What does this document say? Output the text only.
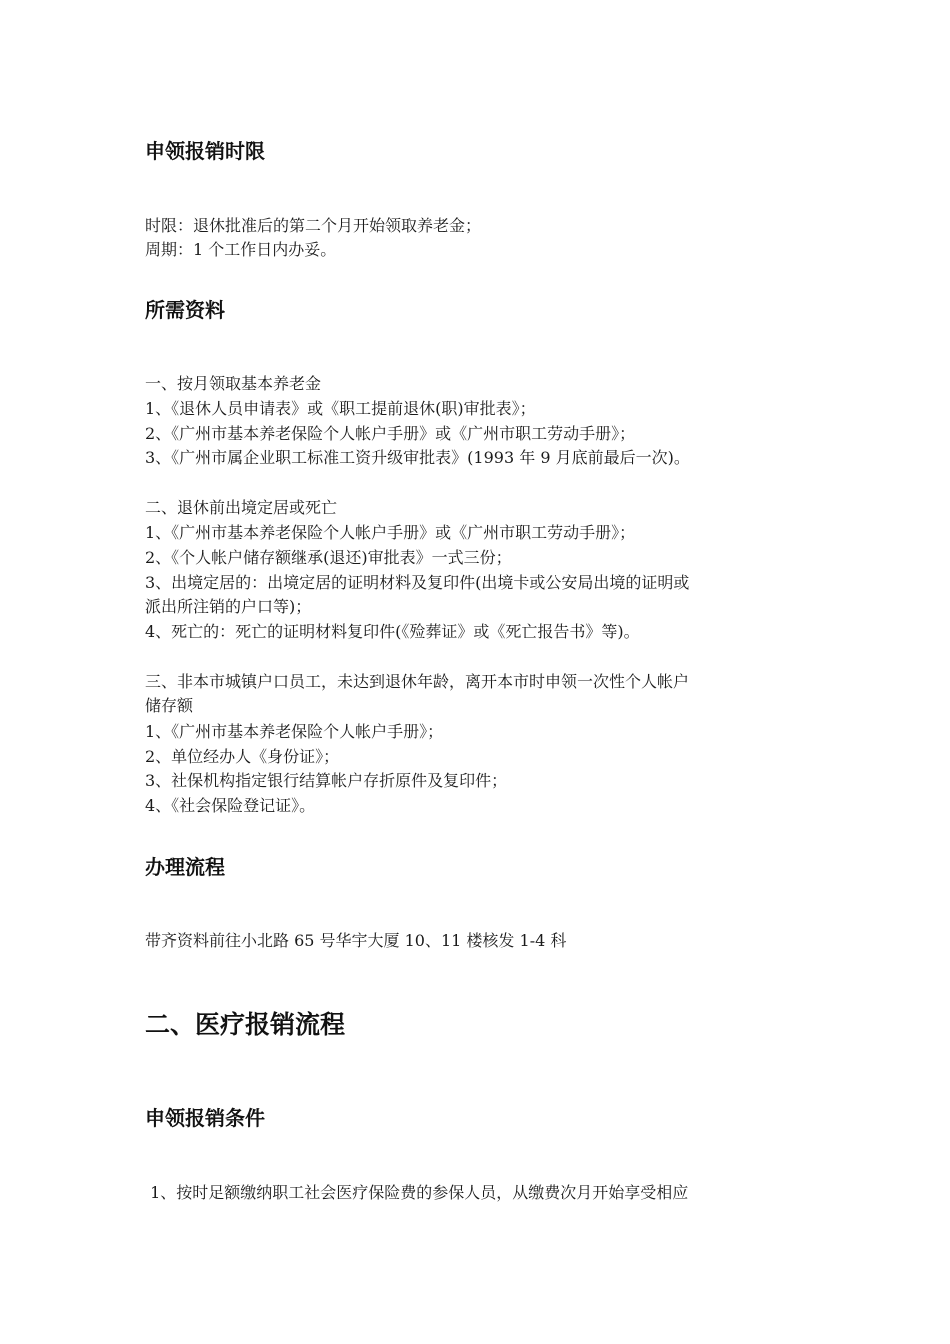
申领报销时限
时限：退休批准后的第二个月开始领取养老金；
周期：1 个工作日内办妥。
所需资料
一、按月领取基本养老金
1、《退休人员申请表》或《职工提前退休(职)审批表》；
2、《广州市基本养老保险个人帐户手册》或《广州市职工劳动手册》；
3、《广州市属企业职工标准工资升级审批表》(1993 年 9 月底前最后一次)。
二、退休前出境定居或死亡
1、《广州市基本养老保险个人帐户手册》或《广州市职工劳动手册》；
2、《个人帐户储存额继承(退还)审批表》一式三份；
3、出境定居的：出境定居的证明材料及复印件(出境卡或公安局出境的证明或
派出所注销的户口等)；
4、死亡的：死亡的证明材料复印件(《殓葬证》或《死亡报告书》等)。
三、非本市城镇户口员工，未达到退休年龄，离开本市时申领一次性个人帐户
储存额
1、《广州市基本养老保险个人帐户手册》；
2、单位经办人《身份证》；
3、社保机构指定银行结算帐户存折原件及复印件；
4、《社会保险登记证》。
办理流程
带齐资料前往小北路 65 号华宇大厦 10、11 楼核发 1-4 科
二、医疗报销流程
申领报销条件
1、按时足额缴纳职工社会医疗保险费的参保人员，从缴费次月开始享受相应
